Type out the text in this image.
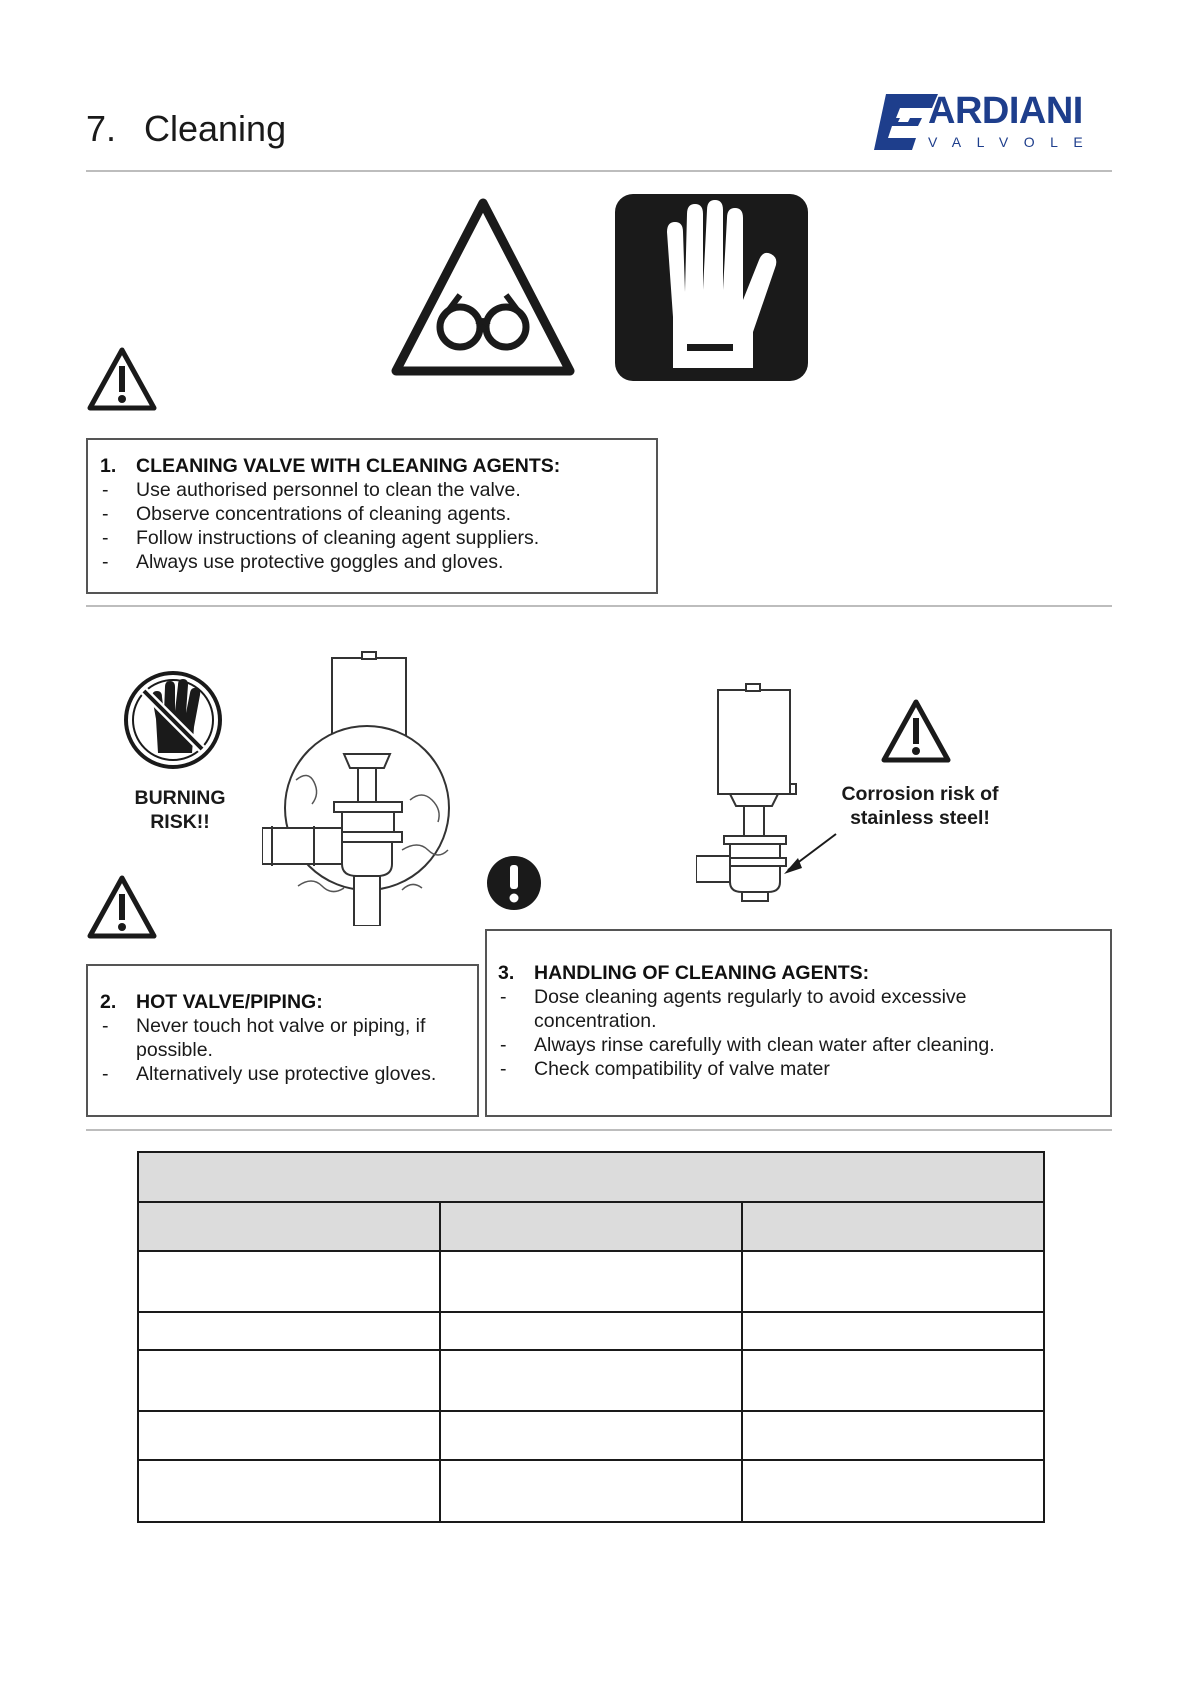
7. Cleaning	ARDIANI
VALVOLE
1.	CLEANING VALVE WITH CLEANING AGENTS:
-	Use authorised personnel to clean the valve.
-	Observe concentrations of cleaning agents.
-	Follow instructions of cleaning agent suppliers.
-	Always use protective goggles and gloves.
BURNING
RISK!!
Corrosion risk of
stainless steel!
2.	HOT VALVE/PIPING:
-	Never touch hot valve or piping, if possible.
-	Alternatively use protective gloves.
3.	HANDLING OF CLEANING AGENTS:
-	Dose cleaning agents regularly to avoid excessive concentration.
-	Always rinse carefully with clean water after cleaning.
-	Check compatibility of valve mater
